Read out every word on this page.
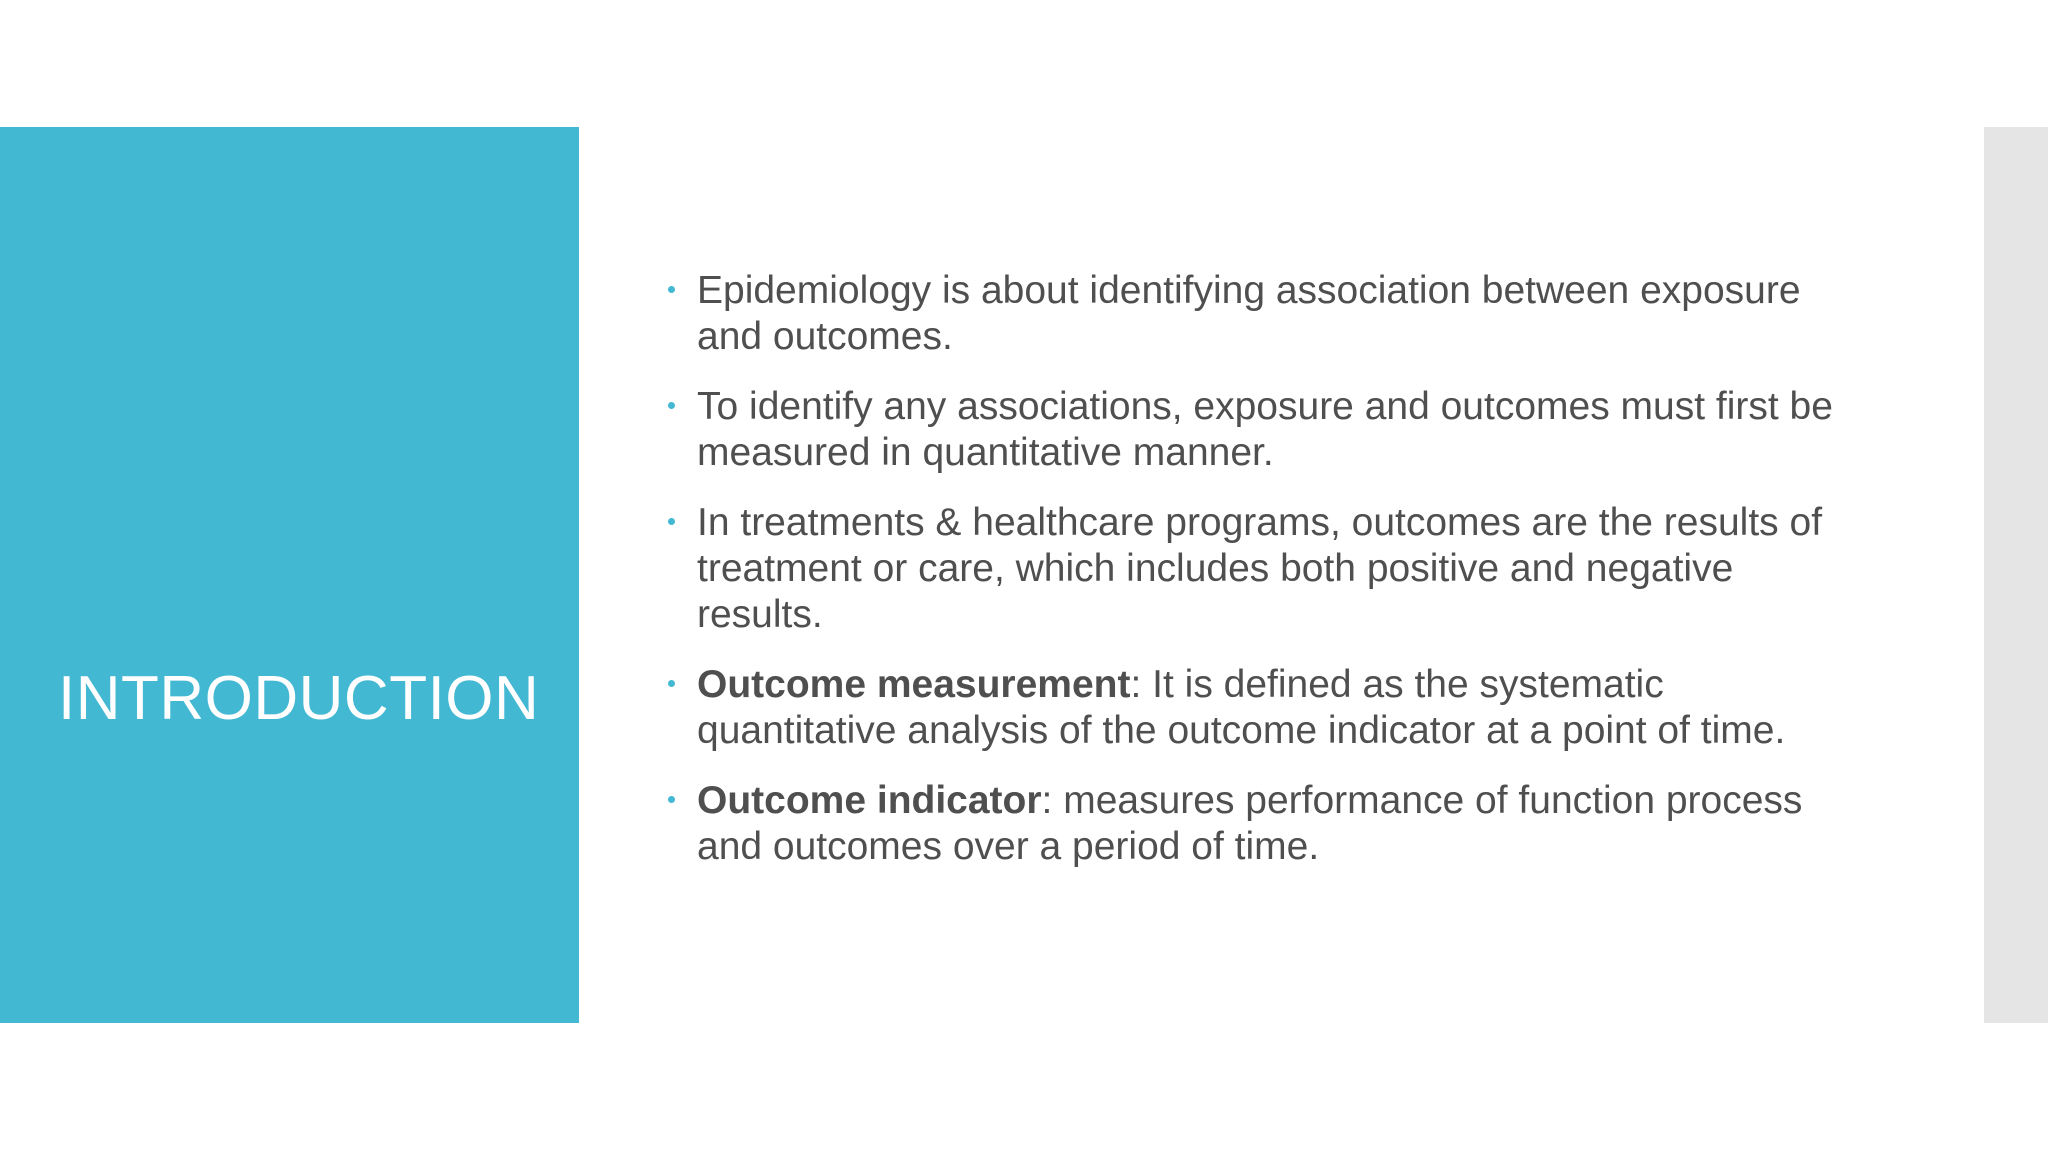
INTRODUCTION
Epidemiology is about identifying association between exposure and outcomes.
To identify any associations, exposure and outcomes must first be measured in quantitative manner.
In treatments & healthcare programs, outcomes are the results of treatment or care, which includes both positive and negative results.
Outcome measurement: It is defined as the systematic quantitative analysis of the outcome indicator at a point of time.
Outcome indicator: measures performance of function process and outcomes over a period of time.
